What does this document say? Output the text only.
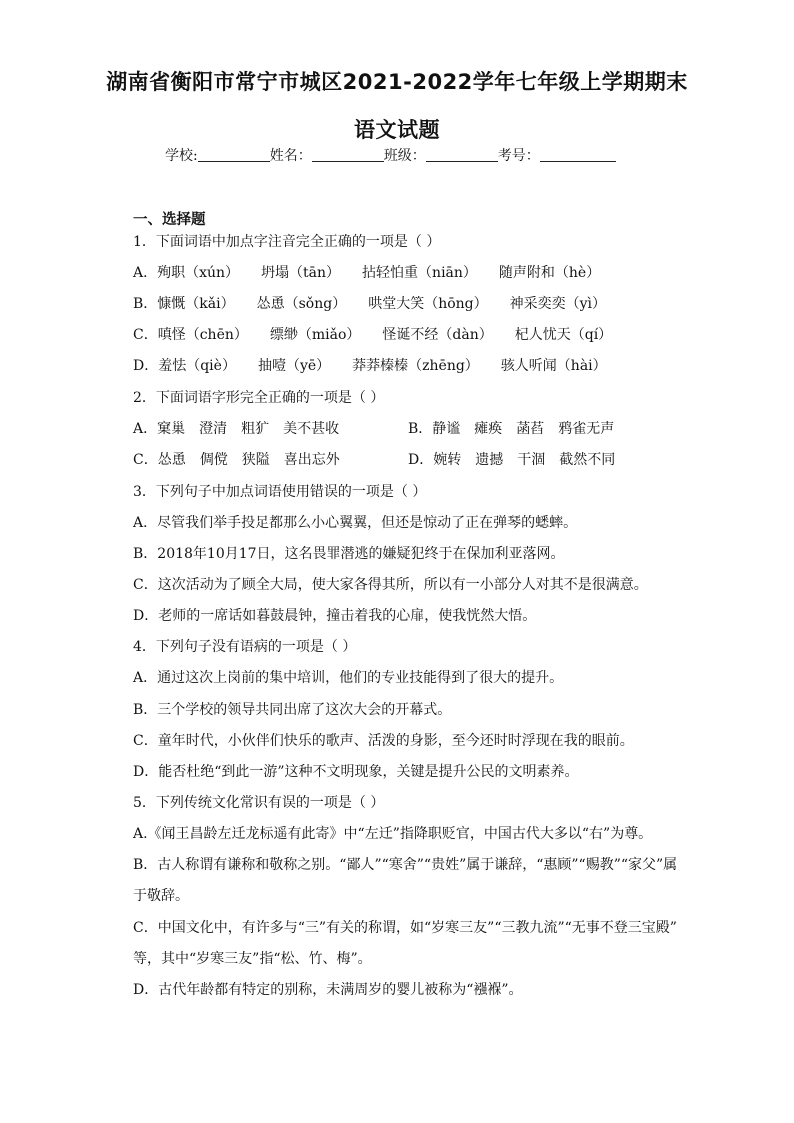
湖南省衡阳市常宁市城区2021-2022学年七年级上学期期末
语文试题
学校:	姓名：	班级：	考号：
一、选择题
1．下面词语中加点字注音完全正确的一项是（ ）
A．殉职（xún） 坍塌（tān） 拈轻怕重（niān） 随声附和（hè）
B．慷慨（kǎi） 怂恿（sǒng） 哄堂大笑（hōng） 神采奕奕（yì）
C．嗔怪（chēn） 缥缈（miǎo） 怪诞不经（dàn） 杞人忧天（qí）
D．羞怯（qiè） 抽噎（yē） 莽莽榛榛（zhēng） 骇人听闻（hài）
2．下面词语字形完全正确的一项是（ ）
A．窠巢 澄清 粗犷 美不甚收	B．静谧 瘫痪 菡萏 鸦雀无声
C．怂恿 倜傥 狭隘 喜出忘外	D．婉转 遗撼 干涸 截然不同
3．下列句子中加点词语使用错误的一项是（ ）
A．尽管我们举手投足都那么小心翼翼，但还是惊动了正在弹琴的蟋蟀。
B．2018年10月17日，这名畏罪潜逃的嫌疑犯终于在保加利亚落网。
C．这次活动为了顾全大局，使大家各得其所，所以有一小部分人对其不是很满意。
D．老师的一席话如暮鼓晨钟，撞击着我的心扉，使我恍然大悟。
4．下列句子没有语病的一项是（ ）
A．通过这次上岗前的集中培训，他们的专业技能得到了很大的提升。
B．三个学校的领导共同出席了这次大会的开幕式。
C．童年时代，小伙伴们快乐的歌声、活泼的身影，至今还时时浮现在我的眼前。
D．能否杜绝“到此一游”这种不文明现象，关键是提升公民的文明素养。
5．下列传统文化常识有误的一项是（ ）
A.《闻王昌龄左迁龙标遥有此寄》中“左迁”指降职贬官，中国古代大多以“右”为尊。
B．古人称谓有谦称和敬称之别。“鄙人”“寒舍”“贵姓”属于谦辞，“惠顾”“赐教”“家父”属
于敬辞。
C．中国文化中，有许多与“三”有关的称谓，如“岁寒三友”“三教九流”“无事不登三宝殿”
等，其中“岁寒三友”指“松、竹、梅”。
D．古代年龄都有特定的别称，未满周岁的婴儿被称为“襁褓”。
